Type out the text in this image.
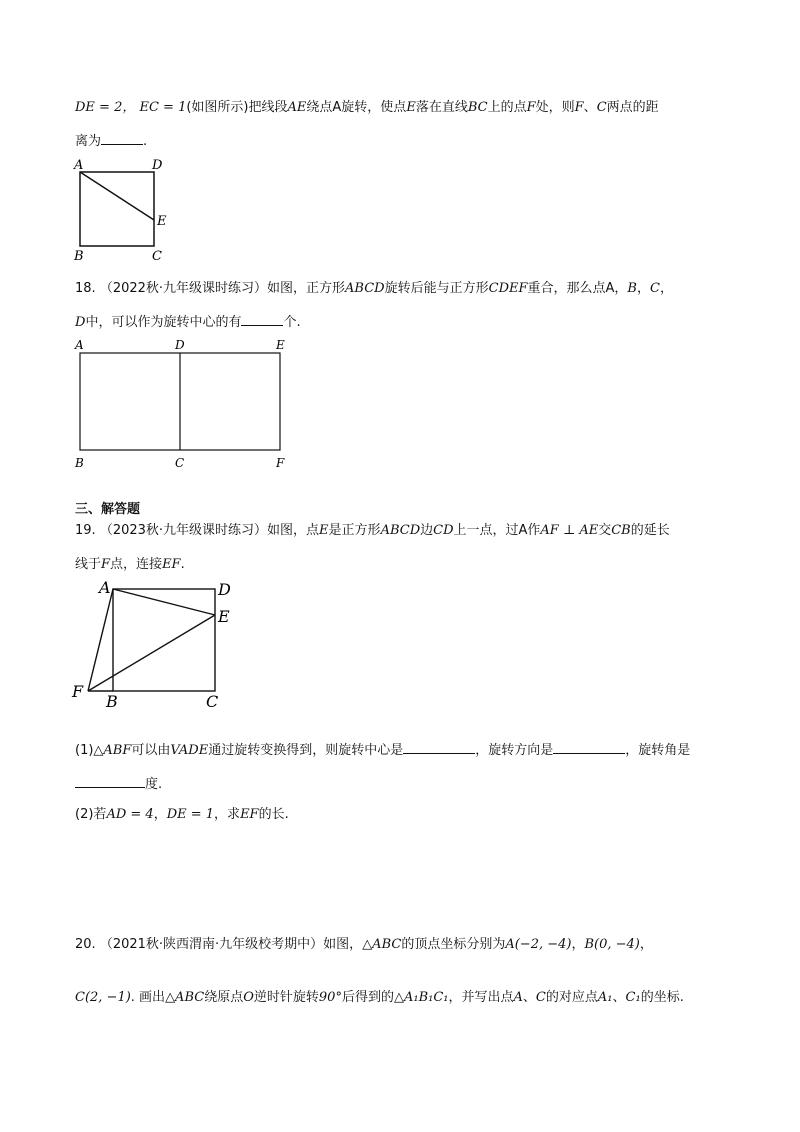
DE = 2， EC = 1(如图所示)把线段AE绕点A旋转，使点E落在直线BC上的点F处，则F、C两点的距
离为	.
A	D
E
B	C
18. （2022秋·九年级课时练习）如图，正方形ABCD旋转后能与正方形CDEF重合，那么点A，B，C，
D中，可以作为旋转中心的有	个.
A	D	E
B	C	F
三、解答题
19. （2023秋·九年级课时练习）如图，点E是正方形ABCD边CD上一点，过A作AF ⊥ AE交CB的延长
线于F点，连接EF.
A	D
E
F
B	C
(1)△ABF可以由VADE通过旋转变换得到，则旋转中心是	，旋转方向是	，旋转角是
度.
(2)若AD = 4，DE = 1，求EF的长.
20. （2021秋·陕西渭南·九年级校考期中）如图，△ABC的顶点坐标分别为A(−2, −4)，B(0, −4)，
C(2, −1). 画出△ABC绕原点O逆时针旋转90°后得到的△A₁B₁C₁，并写出点A、C的对应点A₁、C₁的坐标.
